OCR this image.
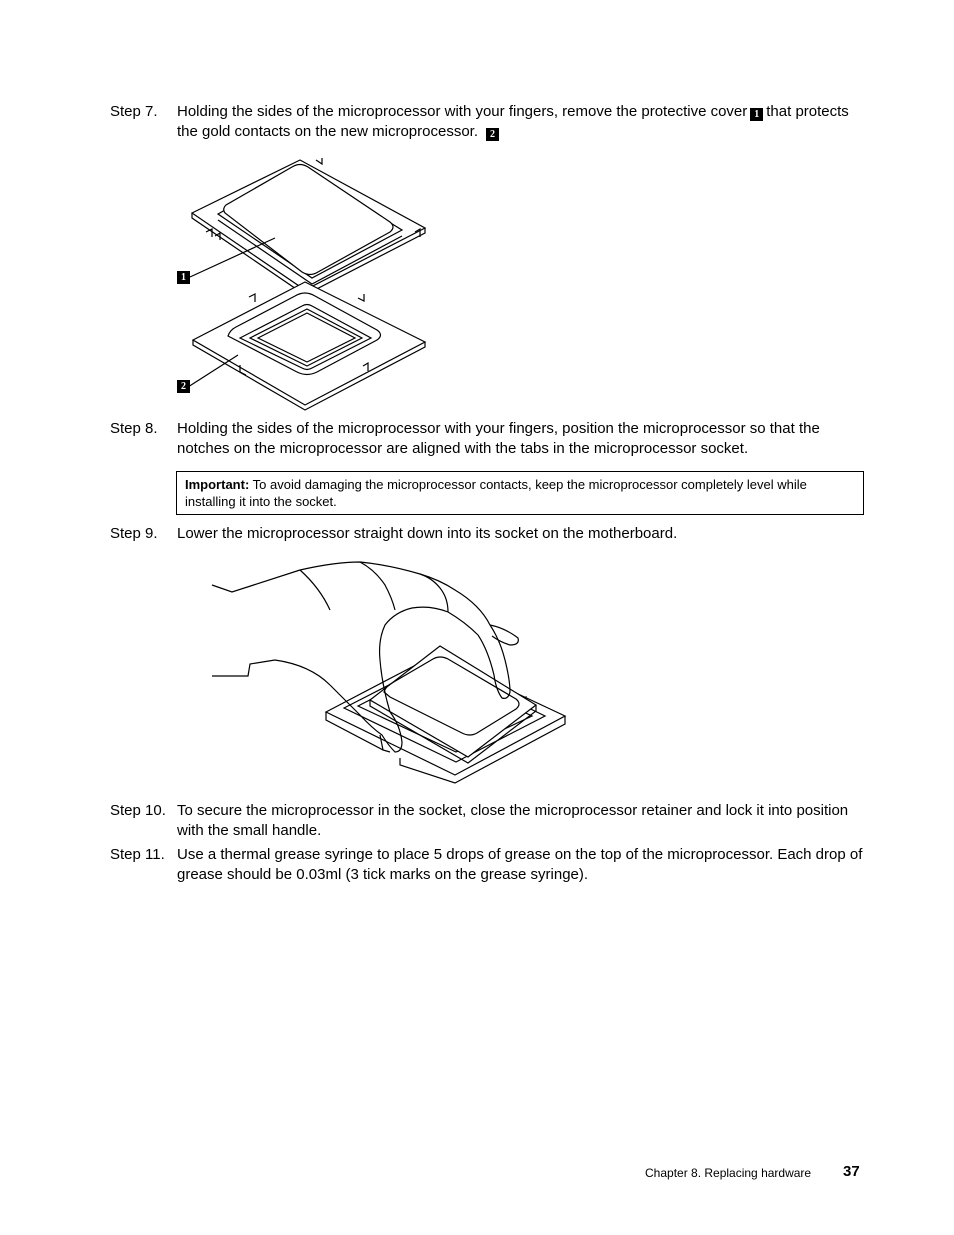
Step 7. Holding the sides of the microprocessor with your fingers, remove the protective cover 1 that protects the gold contacts on the new microprocessor. 2
1
2
Step 8. Holding the sides of the microprocessor with your fingers, position the microprocessor so that the notches on the microprocessor are aligned with the tabs in the microprocessor socket.
Important: To avoid damaging the microprocessor contacts, keep the microprocessor completely level while installing it into the socket.
Step 9. Lower the microprocessor straight down into its socket on the motherboard.
Step 10. To secure the microprocessor in the socket, close the microprocessor retainer and lock it into position with the small handle.
Step 11. Use a thermal grease syringe to place 5 drops of grease on the top of the microprocessor. Each drop of grease should be 0.03ml (3 tick marks on the grease syringe).
Chapter 8. Replacing hardware 37
